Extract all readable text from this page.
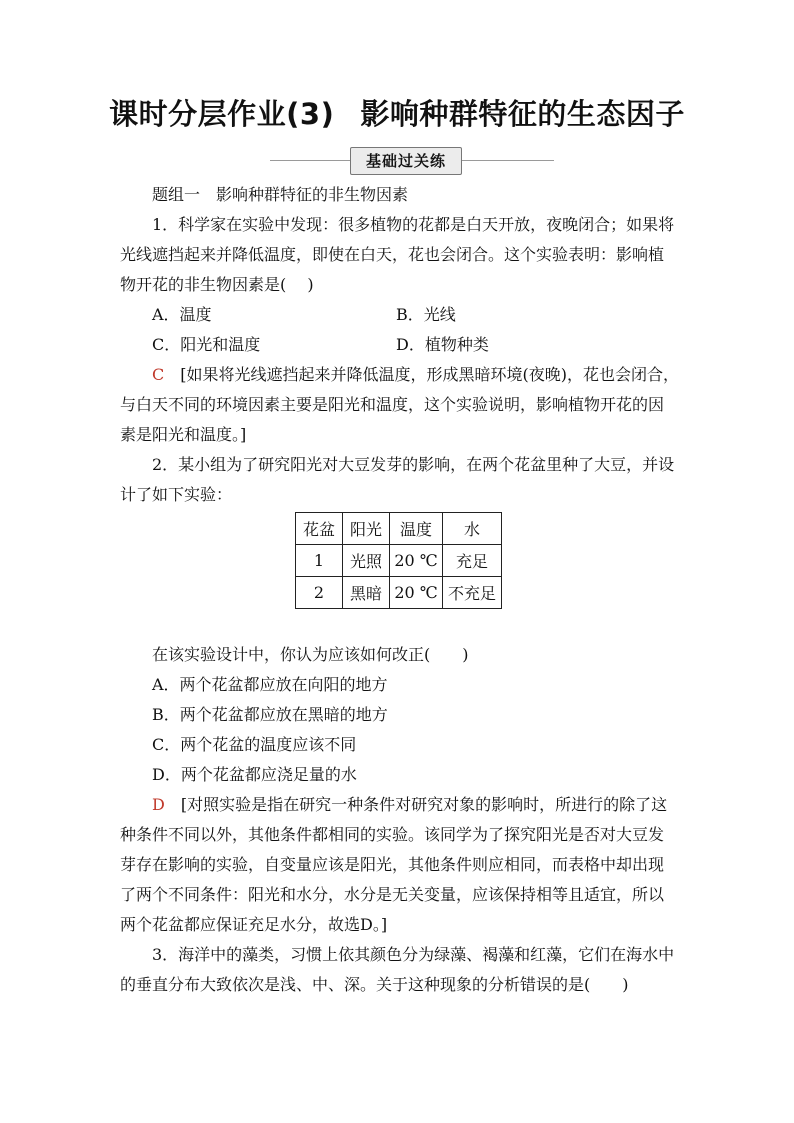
课时分层作业(3) 影响种群特征的生态因子
基础过关练
题组一　影响种群特征的非生物因素
1．科学家在实验中发现：很多植物的花都是白天开放，夜晚闭合；如果将
光线遮挡起来并降低温度，即使在白天，花也会闭合。这个实验表明：影响植
物开花的非生物因素是(　 )
A．温度	B．光线
C．阳光和温度	D．植物种类
C　[如果将光线遮挡起来并降低温度，形成黑暗环境(夜晚)，花也会闭合，
与白天不同的环境因素主要是阳光和温度，这个实验说明，影响植物开花的因
素是阳光和温度。]
2．某小组为了研究阳光对大豆发芽的影响，在两个花盆里种了大豆，并设
计了如下实验：
花盆	阳光	温度	水
1	光照	20 ℃	充足
2	黑暗	20 ℃	不充足
在该实验设计中，你认为应该如何改正(　　)
A．两个花盆都应放在向阳的地方
B．两个花盆都应放在黑暗的地方
C．两个花盆的温度应该不同
D．两个花盆都应浇足量的水
D　[对照实验是指在研究一种条件对研究对象的影响时，所进行的除了这
种条件不同以外，其他条件都相同的实验。该同学为了探究阳光是否对大豆发
芽存在影响的实验，自变量应该是阳光，其他条件则应相同，而表格中却出现
了两个不同条件：阳光和水分，水分是无关变量，应该保持相等且适宜，所以
两个花盆都应保证充足水分，故选D。]
3．海洋中的藻类，习惯上依其颜色分为绿藻、褐藻和红藻，它们在海水中
的垂直分布大致依次是浅、中、深。关于这种现象的分析错误的是(　　)
